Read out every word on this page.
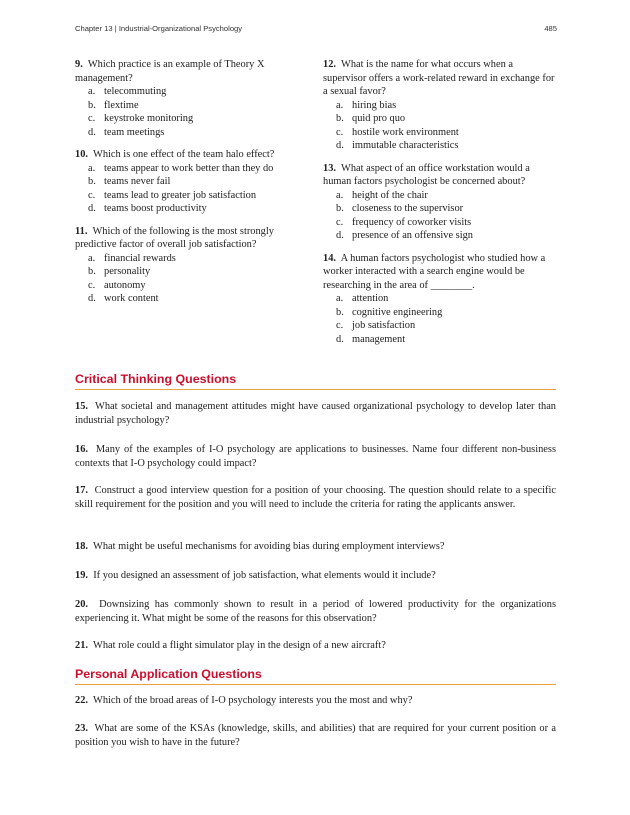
Chapter 13 | Industrial-Organizational Psychology	485

9. Which practice is an example of Theory X management?

a. telecommuting
b. flextime
c. keystroke monitoring
d. team meetings

10. Which is one effect of the team halo effect?

a. teams appear to work better than they do
b. teams never fail
c. teams lead to greater job satisfaction
d. teams boost productivity

11. Which of the following is the most strongly predictive factor of overall job satisfaction?

a. financial rewards
b. personality
c. autonomy
d. work content

12. What is the name for what occurs when a supervisor offers a work-related reward in exchange for a sexual favor?

a. hiring bias
b. quid pro quo
c. hostile work environment
d. immutable characteristics

13. What aspect of an office workstation would a human factors psychologist be concerned about?

a. height of the chair
b. closeness to the supervisor
c. frequency of coworker visits
d. presence of an offensive sign

14. A human factors psychologist who studied how a worker interacted with a search engine would be researching in the area of ________.

a. attention
b. cognitive engineering
c. job satisfaction
d. management
Critical Thinking Questions

15. What societal and management attitudes might have caused organizational psychology to develop later than industrial psychology?

16. Many of the examples of I-O psychology are applications to businesses. Name four different non-business contexts that I-O psychology could impact?

17. Construct a good interview question for a position of your choosing. The question should relate to a specific skill requirement for the position and you will need to include the criteria for rating the applicants answer.

18. What might be useful mechanisms for avoiding bias during employment interviews?

19. If you designed an assessment of job satisfaction, what elements would it include?

20. Downsizing has commonly shown to result in a period of lowered productivity for the organizations experiencing it. What might be some of the reasons for this observation?

21. What role could a flight simulator play in the design of a new aircraft?

Personal Application Questions

22. Which of the broad areas of I-O psychology interests you the most and why?

23. What are some of the KSAs (knowledge, skills, and abilities) that are required for your current position or a position you wish to have in the future?
